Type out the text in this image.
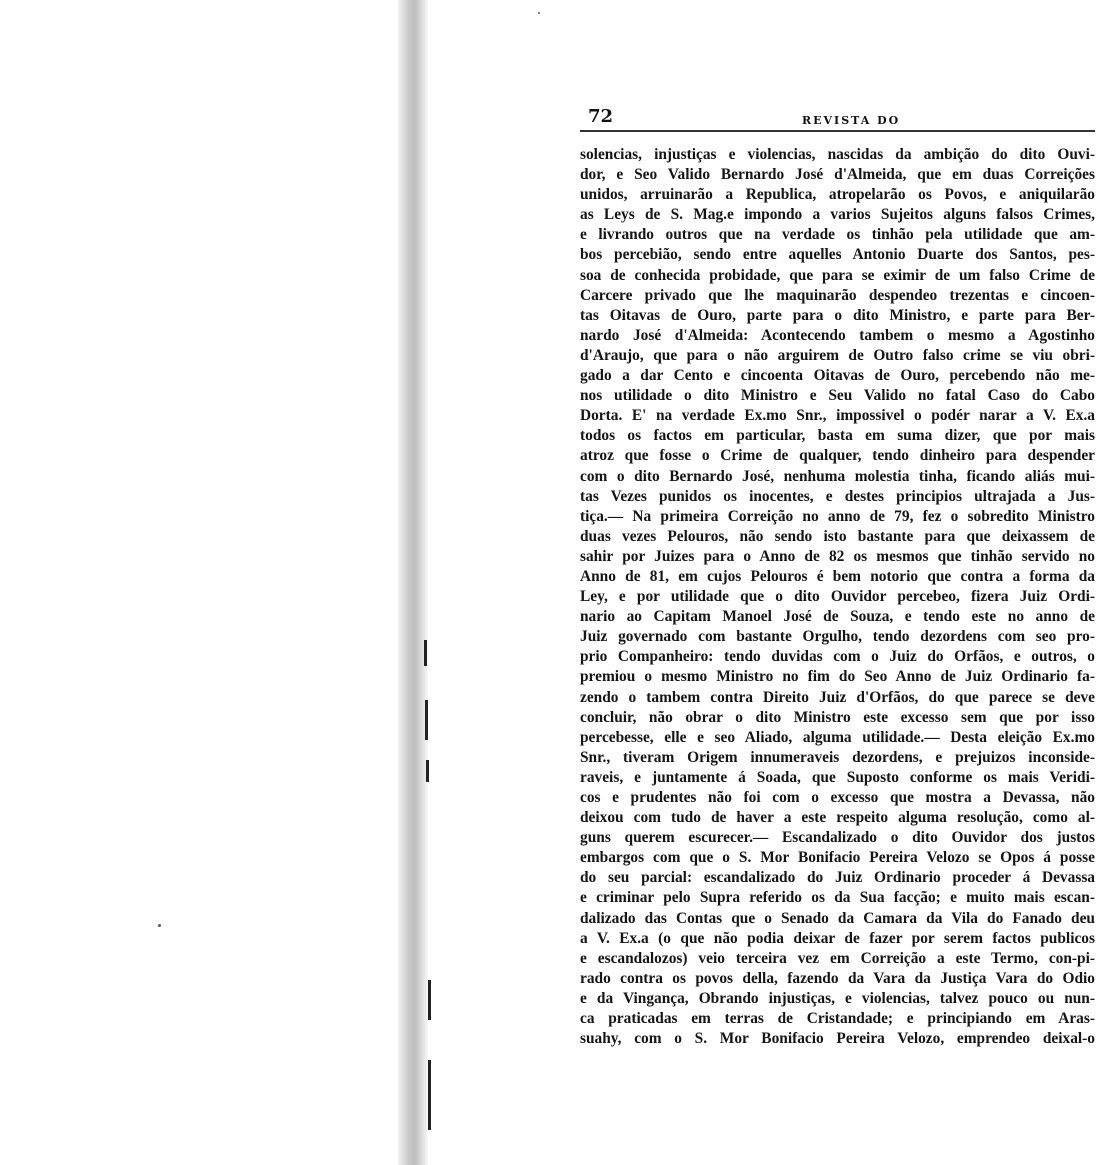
72	REVISTA DO
solencias, injustiças e violencias, nascidas da ambição do dito Ouvi-
dor, e Seo Valido Bernardo José d'Almeida, que em duas Correições
unidos, arruinarão a Republica, atropelarão os Povos, e aniquilarão
as Leys de S. Mag.e impondo a varios Sujeitos alguns falsos Crimes,
e livrando outros que na verdade os tinhão pela utilidade que am-
bos percebião, sendo entre aquelles Antonio Duarte dos Santos, pes-
soa de conhecida probidade, que para se eximir de um falso Crime de
Carcere privado que lhe maquinarão despendeo trezentas e cincoen-
tas Oitavas de Ouro, parte para o dito Ministro, e parte para Ber-
nardo José d'Almeida: Acontecendo tambem o mesmo a Agostinho
d'Araujo, que para o não arguirem de Outro falso crime se viu obri-
gado a dar Cento e cincoenta Oitavas de Ouro, percebendo não me-
nos utilidade o dito Ministro e Seu Valido no fatal Caso do Cabo
Dorta. E' na verdade Ex.mo Snr., impossivel o podér narar a V. Ex.a
todos os factos em particular, basta em suma dizer, que por mais
atroz que fosse o Crime de qualquer, tendo dinheiro para despender
com o dito Bernardo José, nenhuma molestia tinha, ficando aliás mui-
tas Vezes punidos os inocentes, e destes principios ultrajada a Jus-
tiça.— Na primeira Correição no anno de 79, fez o sobredito Ministro
duas vezes Pelouros, não sendo isto bastante para que deixassem de
sahir por Juizes para o Anno de 82 os mesmos que tinhão servido no
Anno de 81, em cujos Pelouros é bem notorio que contra a forma da
Ley, e por utilidade que o dito Ouvidor percebeo, fizera Juiz Ordi-
nario ao Capitam Manoel José de Souza, e tendo este no anno de
Juiz governado com bastante Orgulho, tendo dezordens com seo pro-
prio Companheiro: tendo duvidas com o Juiz do Orfãos, e outros, o
premiou o mesmo Ministro no fim do Seo Anno de Juiz Ordinario fa-
zendo o tambem contra Direito Juiz d'Orfãos, do que parece se deve
concluir, não obrar o dito Ministro este excesso sem que por isso
percebesse, elle e seo Aliado, alguma utilidade.— Desta eleição Ex.mo
Snr., tiveram Origem innumeraveis dezordens, e prejuizos inconside-
raveis, e juntamente á Soada, que Suposto conforme os mais Veridi-
cos e prudentes não foi com o excesso que mostra a Devassa, não
deixou com tudo de haver a este respeito alguma resolução, como al-
guns querem escurecer.— Escandalizado o dito Ouvidor dos justos
embargos com que o S. Mor Bonifacio Pereira Velozo se Opos á posse
do seu parcial: escandalizado do Juiz Ordinario proceder á Devassa
e criminar pelo Supra referido os da Sua facção; e muito mais escan-
dalizado das Contas que o Senado da Camara da Vila do Fanado deu
a V. Ex.a (o que não podia deixar de fazer por serem factos publicos
e escandalozos) veio terceira vez em Correição a este Termo, con-pi-
rado contra os povos della, fazendo da Vara da Justiça Vara do Odio
e da Vingança, Obrando injustiças, e violencias, talvez pouco ou nun-
ca praticadas em terras de Cristandade; e principiando em Aras-
suahy, com o S. Mor Bonifacio Pereira Velozo, emprendeo deixal-o
